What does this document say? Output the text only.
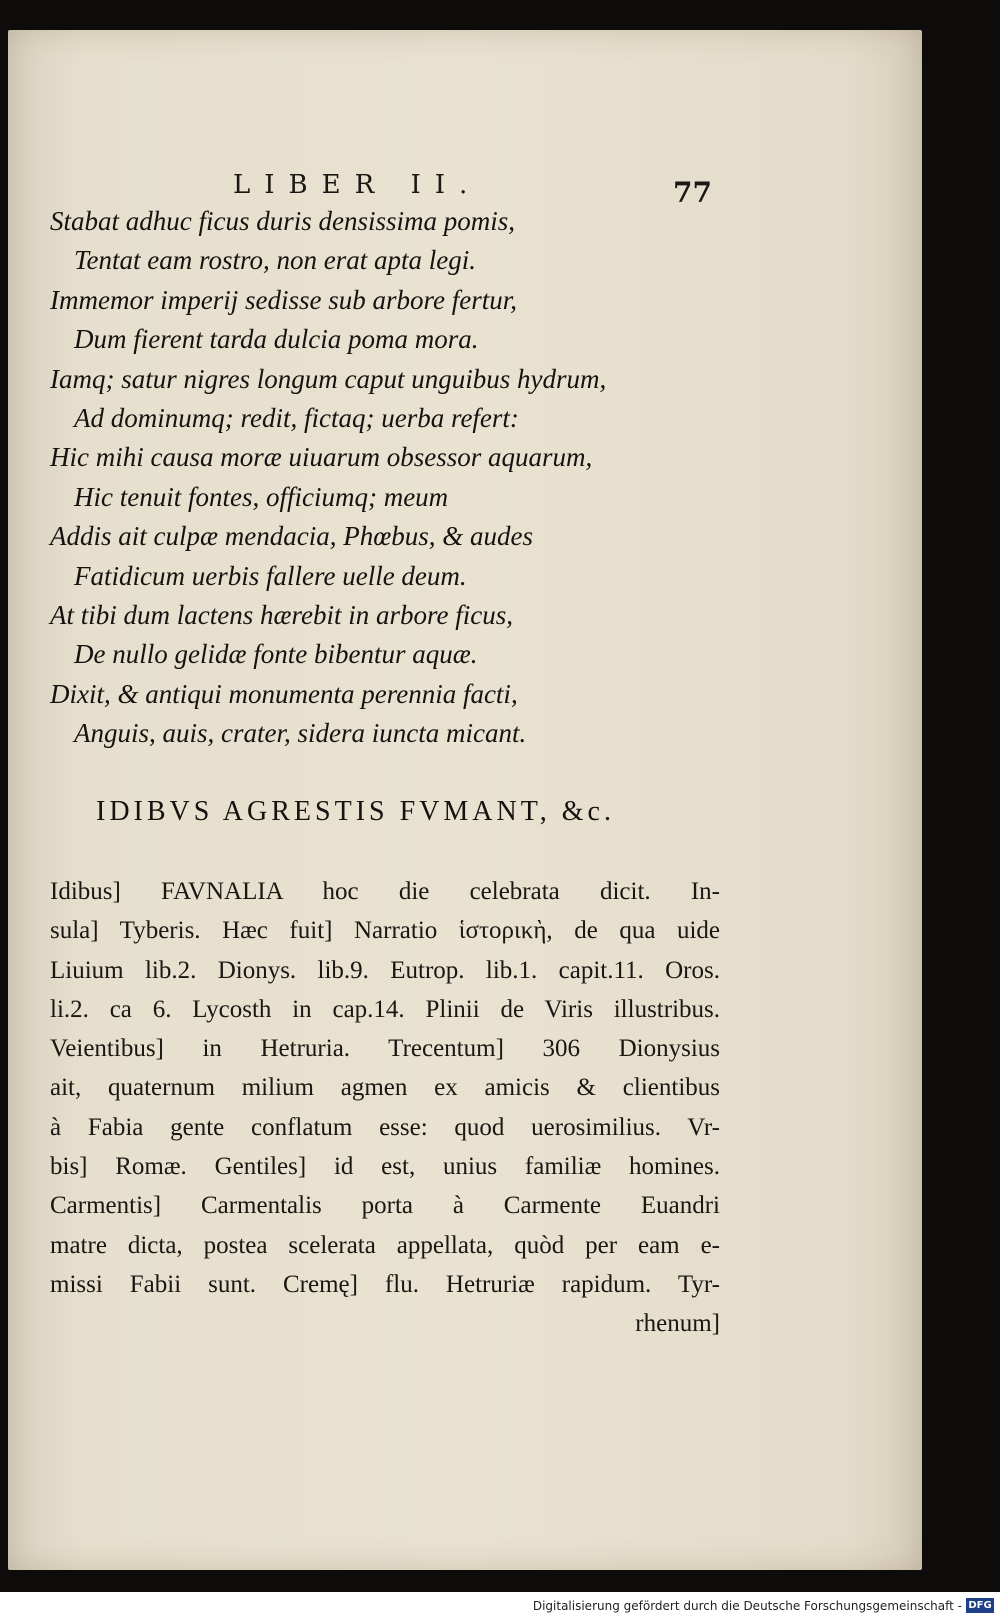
LIBER II.	77
Stabat adhuc ficus duris densissima pomis,
Tentat eam rostro, non erat apta legi.
Immemor imperij sedisse sub arbore fertur,
Dum fierent tarda dulcia poma mora.
Iamq; satur nigres longum caput unguibus hydrum,
Ad dominumq; redit, fictaq; uerba refert:
Hic mihi causa moræ uiuarum obsessor aquarum,
Hic tenuit fontes, officiumq; meum
Addis ait culpæ mendacia, Phœbus, & audes
Fatidicum uerbis fallere uelle deum.
At tibi dum lactens hærebit in arbore ficus,
De nullo gelidæ fonte bibentur aquæ.
Dixit, & antiqui monumenta perennia facti,
Anguis, auis, crater, sidera iuncta micant.
IDIBVS AGRESTIS FVMANT, &c.
Idibus] FAVNALIA hoc die celebrata dicit. In-
sula] Tyberis. Hæc fuit] Narratio ἱστορικὴ, de qua uide
Liuium lib.2. Dionys. lib.9. Eutrop. lib.1. capit.11. Oros.
li.2. ca 6. Lycosth in cap.14. Plinii de Viris illustribus.
Veientibus] in Hetruria. Trecentum] 306 Dionysius
ait, quaternum milium agmen ex amicis & clientibus
à Fabia gente conflatum esse: quod uerosimilius. Vr-
bis] Romæ. Gentiles] id est, unius familiæ homines.
Carmentis] Carmentalis porta à Carmente Euandri
matre dicta, postea scelerata appellata, quòd per eam e-
missi Fabii sunt. Cremę] flu. Hetruriæ rapidum. Tyr-
rhenum]
Digitalisierung gefördert durch die Deutsche Forschungsgemeinschaft - DFG
